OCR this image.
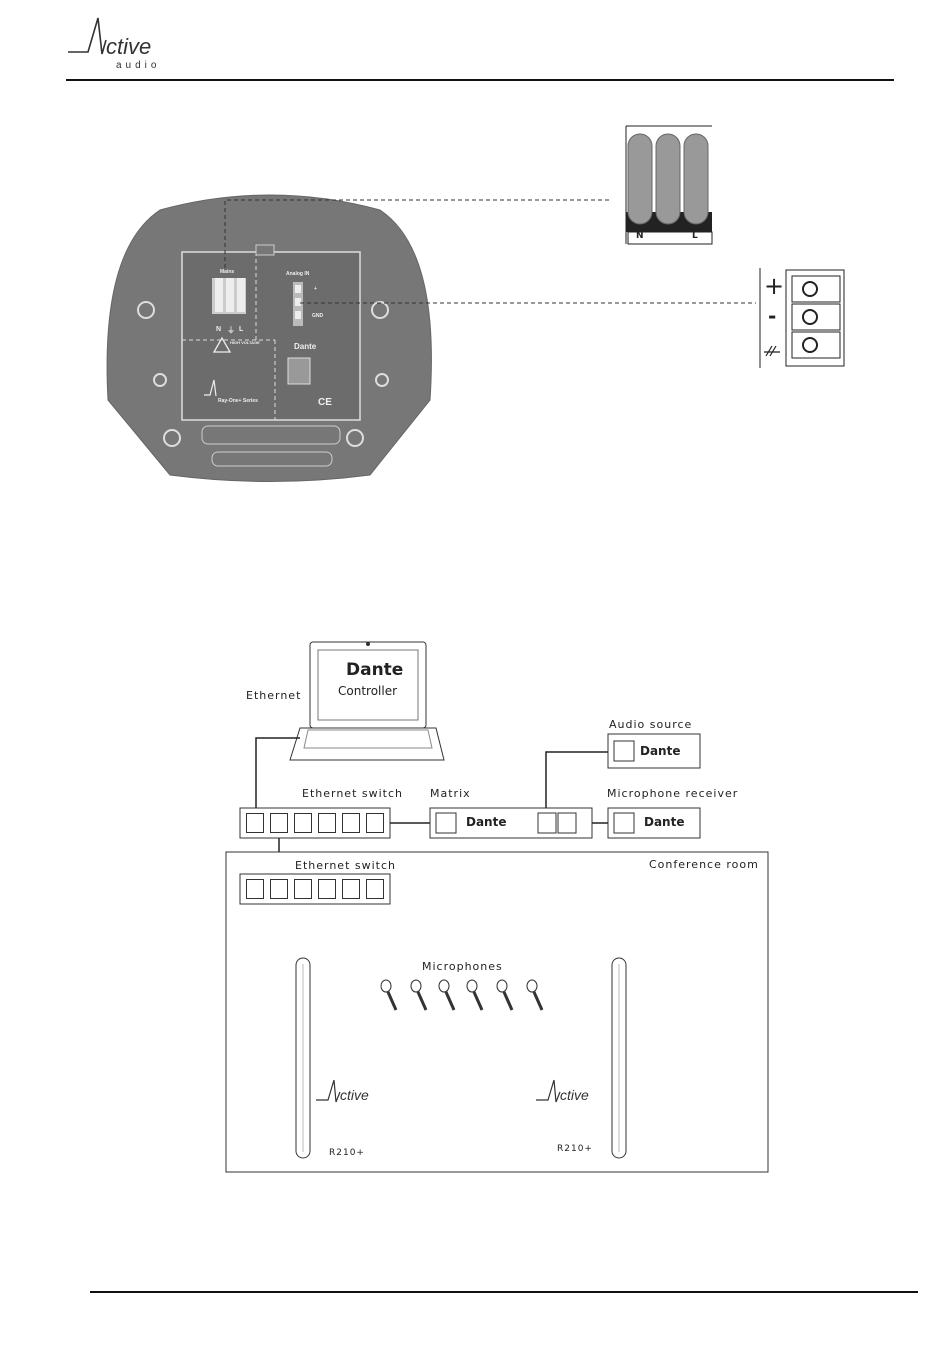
ctive
audio
Mains
N ⏚ L
HIGH VOLTAGE
Analog IN
+
GND
Dante
Ray-One+ Series	CE
N	L
+
-
ctive	ctive
Ethernet
Dante
Controller
Audio source
Dante
Ethernet switch Matrix
Dante
Microphone receiver
Dante
Ethernet switch	Conference room
Microphones
R210+	R210+
